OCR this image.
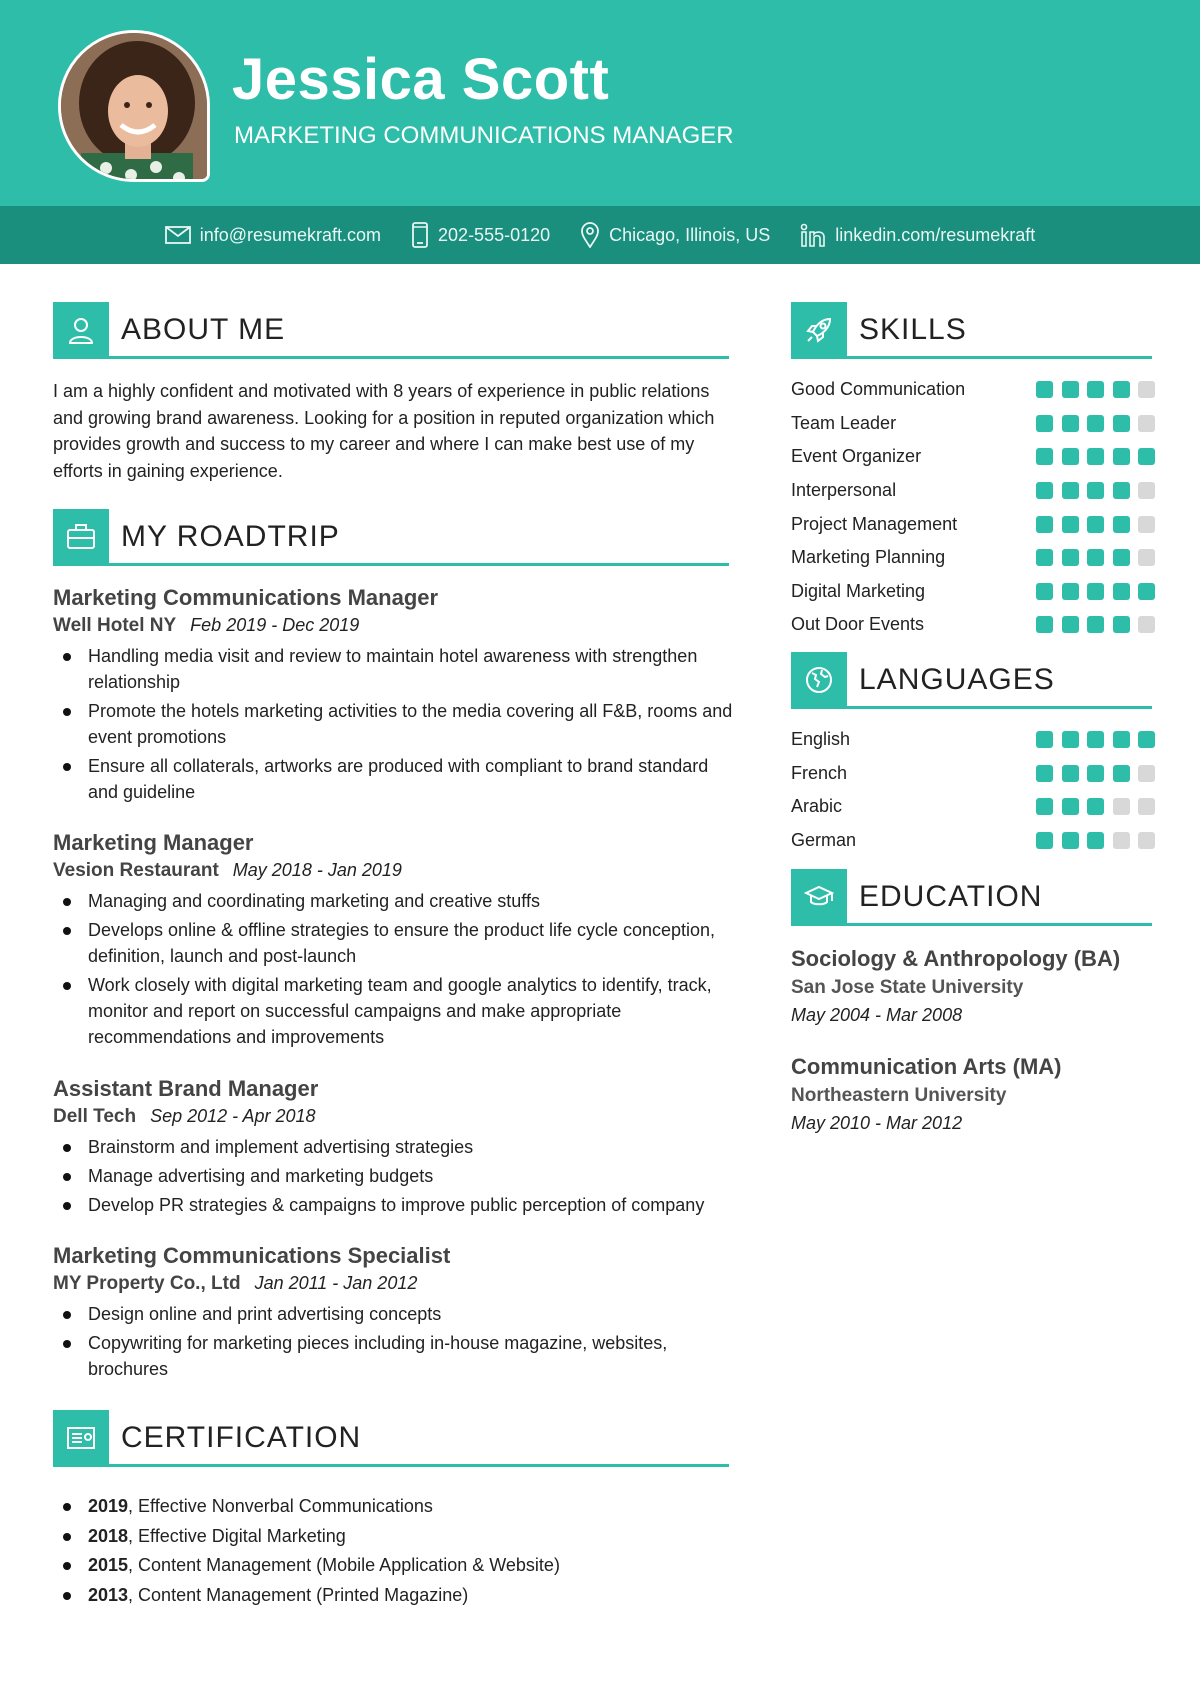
Jessica Scott
MARKETING COMMUNICATIONS MANAGER
info@resumekraft.com	202-555-0120	Chicago, Illinois, US	linkedin.com/resumekraft
ABOUT ME
I am a highly confident and motivated with 8 years of experience in public relations and growing brand awareness. Looking for a position in reputed organization which provides growth and success to my career and where I can make best use of my efforts in gaining experience.
MY ROADTRIP
Marketing Communications Manager
Well Hotel NY Feb 2019 - Dec 2019
Handling media visit and review to maintain hotel awareness with strengthen relationship
Promote the hotels marketing activities to the media covering all F&B, rooms and event promotions
Ensure all collaterals, artworks are produced with compliant to brand standard and guideline
Marketing Manager
Vesion Restaurant May 2018 - Jan 2019
Managing and coordinating marketing and creative stuffs
Develops online & offline strategies to ensure the product life cycle conception, definition, launch and post-launch
Work closely with digital marketing team and google analytics to identify, track, monitor and report on successful campaigns and make appropriate recommendations and improvements
Assistant Brand Manager
Dell Tech Sep 2012 - Apr 2018
Brainstorm and implement advertising strategies
Manage advertising and marketing budgets
Develop PR strategies & campaigns to improve public perception of company
Marketing Communications Specialist
MY Property Co., Ltd Jan 2011 - Jan 2012
Design online and print advertising concepts
Copywriting for marketing pieces including in-house magazine, websites, brochures
CERTIFICATION
2019, Effective Nonverbal Communications
2018, Effective Digital Marketing
2015, Content Management (Mobile Application & Website)
2013, Content Management (Printed Magazine)
SKILLS
Good Communication
Team Leader
Event Organizer
Interpersonal
Project Management
Marketing Planning
Digital Marketing
Out Door Events
LANGUAGES
English
French
Arabic
German
EDUCATION
Sociology & Anthropology (BA)
San Jose State University
May 2004 - Mar 2008
Communication Arts (MA)
Northeastern University
May 2010 - Mar 2012
